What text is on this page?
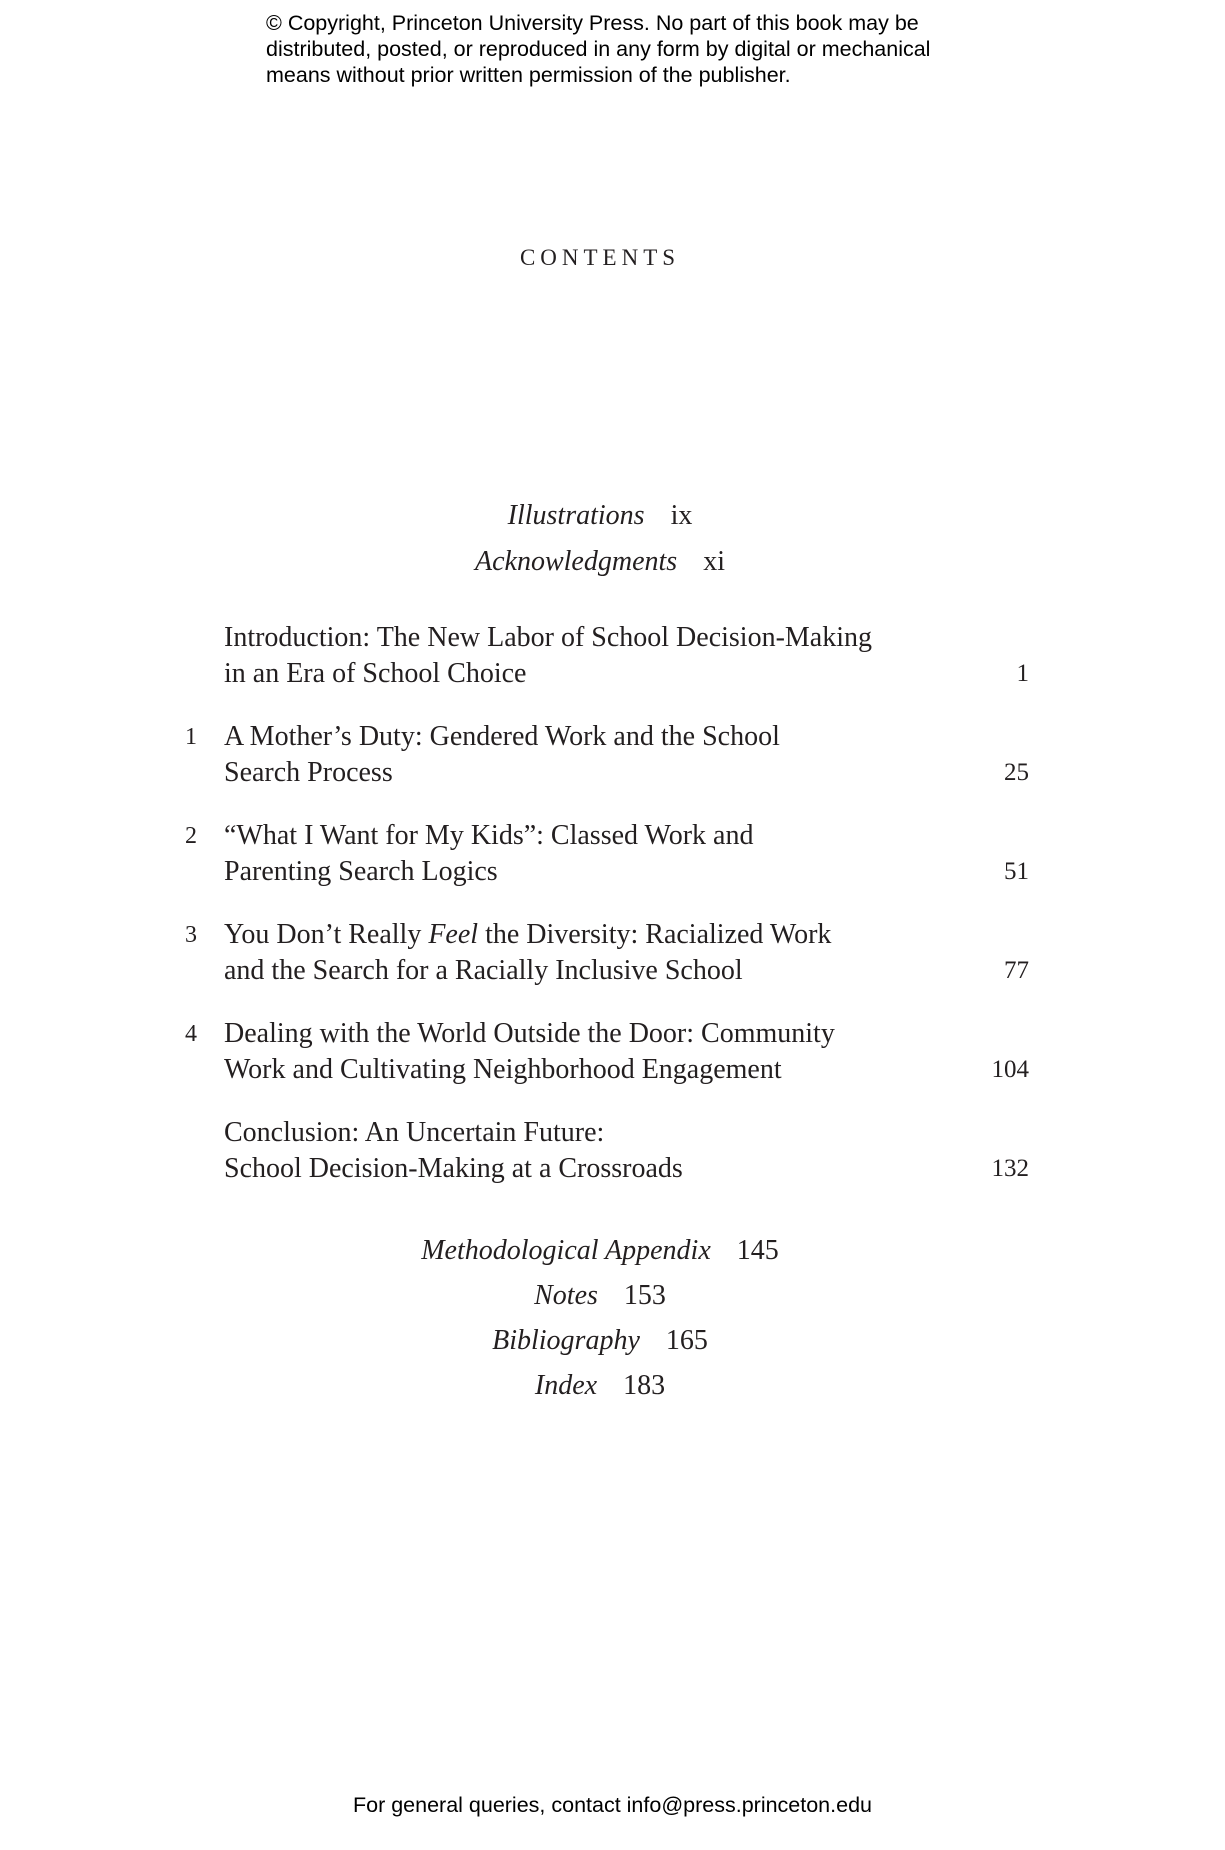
© Copyright, Princeton University Press. No part of this book may be
distributed, posted, or reproduced in any form by digital or mechanical
means without prior written permission of the publisher.
CONTENTS
Illustrations ix
Acknowledgments xi
Introduction: The New Labor of School Decision-Making
in an Era of School Choice	1
1 A Mother’s Duty: Gendered Work and the School
Search Process	25
2 “What I Want for My Kids”: Classed Work and
Parenting Search Logics	51
3 You Don’t Really Feel the Diversity: Racialized Work
and the Search for a Racially Inclusive School	77
4 Dealing with the World Outside the Door: Community
Work and Cultivating Neighborhood Engagement	104
Conclusion: An Uncertain Future:
School Decision-Making at a Crossroads	132
Methodological Appendix 145
Notes 153
Bibliography 165
Index 183
For general queries, contact info@press.princeton.edu
